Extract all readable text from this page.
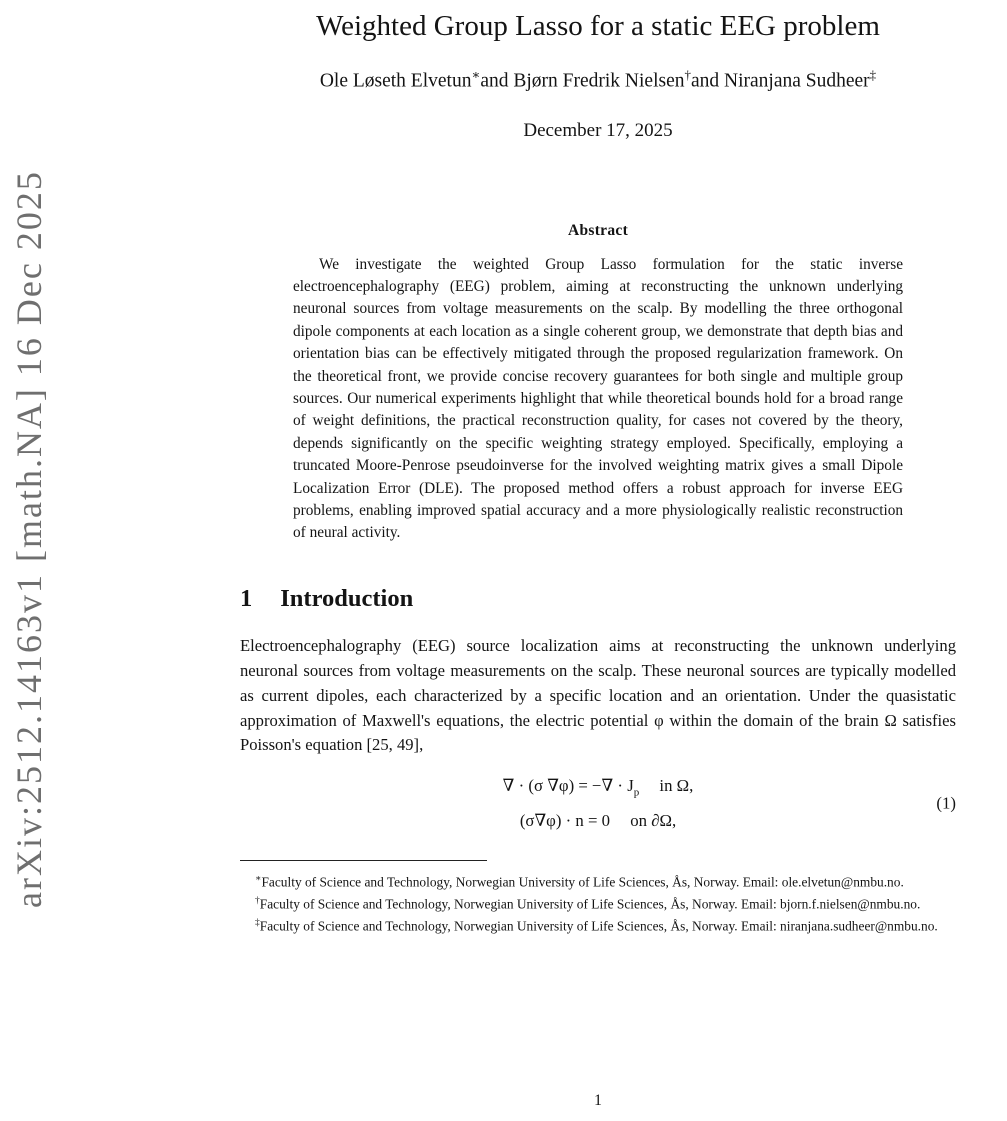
arXiv:2512.14163v1 [math.NA] 16 Dec 2025
Weighted Group Lasso for a static EEG problem
Ole Løseth Elvetun∗and Bjørn Fredrik Nielsen†and Niranjana Sudheer‡
December 17, 2025
Abstract

We investigate the weighted Group Lasso formulation for the static inverse electroencephalography (EEG) problem, aiming at reconstructing the unknown underlying neuronal sources from voltage measurements on the scalp. By modelling the three orthogonal dipole components at each location as a single coherent group, we demonstrate that depth bias and orientation bias can be effectively mitigated through the proposed regularization framework. On the theoretical front, we provide concise recovery guarantees for both single and multiple group sources. Our numerical experiments highlight that while theoretical bounds hold for a broad range of weight definitions, the practical reconstruction quality, for cases not covered by the theory, depends significantly on the specific weighting strategy employed. Specifically, employing a truncated Moore-Penrose pseudoinverse for the involved weighting matrix gives a small Dipole Localization Error (DLE). The proposed method offers a robust approach for inverse EEG problems, enabling improved spatial accuracy and a more physiologically realistic reconstruction of neural activity.

1 Introduction

Electroencephalography (EEG) source localization aims at reconstructing the unknown underlying neuronal sources from voltage measurements on the scalp. These neuronal sources are typically modelled as current dipoles, each characterized by a specific location and an orientation. Under the quasistatic approximation of Maxwell's equations, the electric potential φ within the domain of the brain Ω satisfies Poisson's equation [25, 49],

∇ · (σ ∇φ) = −∇ · $J_p$ in Ω,
(σ∇φ) · n = 0 on ∂Ω,
(1)

∗Faculty of Science and Technology, Norwegian University of Life Sciences, Ås, Norway. Email: ole.elvetun@nmbu.no.

†Faculty of Science and Technology, Norwegian University of Life Sciences, Ås, Norway. Email: bjorn.f.nielsen@nmbu.no.

‡Faculty of Science and Technology, Norwegian University of Life Sciences, Ås, Norway. Email: niranjana.sudheer@nmbu.no.

1
